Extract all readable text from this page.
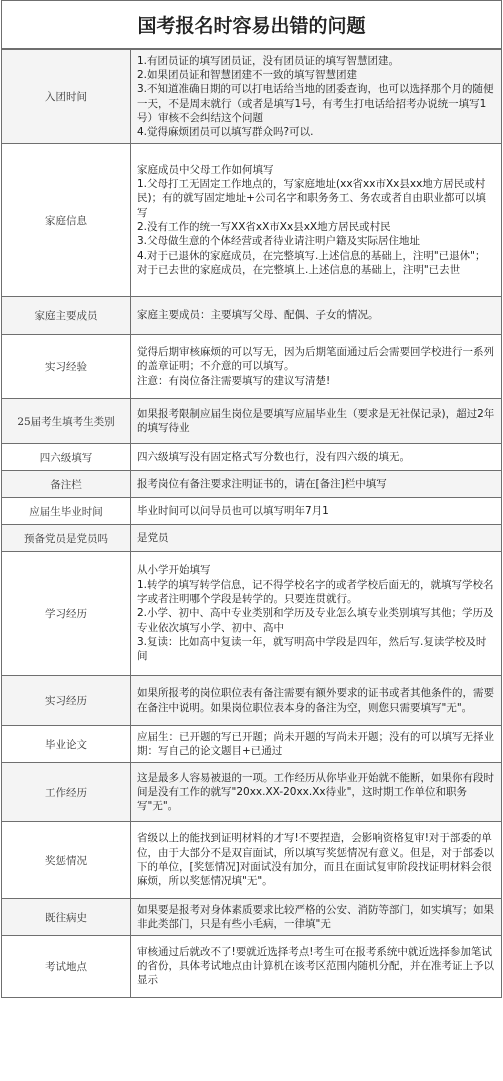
国考报名时容易出错的问题
入团时间	1.有团员证的填写团员证，没有团员证的填写智慧团建。
2.如果团员证和智慧团建不一致的填写智慧团建
3.不知道准确日期的可以打电话给当地的团委查询，也可以选择那个月的随便一天，不是周末就行（或者是填写1号，有考生打电话给招考办说统一填写1号）审核不会纠结这个问题
4.觉得麻烦团员可以填写群众吗?可以.

家庭信息	家庭成员中父母工作如何填写
1.父母打工无固定工作地点的，写家庭地址(xx省xx市Xx县xx地方居民或村民)；有的就写固定地址+公司名字和职务务工、务农或者自由职业都可以填写
2.没有工作的统一写XX省xX市Xx县xX地方居民或村民
3.父母做生意的个体经营或者待业请注明户籍及实际居住地址
4.对于已退休的家庭成员，在完整填写.上述信息的基础上，注明"已退休"；对于已去世的家庭成员，在完整填上.上述信息的基础上，注明"已去世

家庭主要成员	家庭主要成员：主要填写父母、配偶、子女的情况。

实习经验	觉得后期审核麻烦的可以写无，因为后期笔面通过后会需要回学校进行一系列的盖章证明；不介意的可以填写。
注意：有岗位备注需要填写的建议写清楚!

25届考生填考生类别	如果报考限制应届生岗位是要填写应届毕业生（要求是无社保记录)，超过2年的填写待业

四六级填写	四六级填写没有固定格式写分数也行，没有四六级的填无。

备注栏	报考岗位有备注要求注明证书的，请在[备注]栏中填写

应届生毕业时间	毕业时间可以问导员也可以填写明年7月1

预备党员是党员吗	是党员

学习经历	从小学开始填写
1.转学的填写转学信息，记不得学校名字的或者学校后面无的，就填写学校名字或者注明哪个学段是转学的。只要连贯就行。
2.小学、初中、高中专业类别和学历及专业怎么填专业类别填写其他；学历及专业依次填写小学、初中、高中
3.复读：比如高中复读一年，就写明高中学段是四年，然后写.复读学校及时间

实习经历	如果所报考的岗位职位表有备注需要有额外要求的证书或者其他条件的，需要在备注中说明。如果岗位职位表本身的备注为空，则您只需要填写"无"。

毕业论文	应届生：已开题的写已开题；尚未开题的写尚未开题；没有的可以填写无择业期：写自己的论文题目+已通过

工作经历	这是最多人容易被退的一项。工作经历从你毕业开始就不能断，如果你有段时间是没有工作的就写"20xx.XX-20xx.Xx待业"，这时期工作单位和职务写"无"。

奖惩情况	省级以上的能找到证明材料的才写!不要捏造，会影响资格复审!对于部委的单位，由于大部分不是双盲面试，所以填写奖惩情况有意义。但是，对于部委以下的单位，[奖惩情况]对面试没有加分，而且在面试复审阶段找证明材料会很麻烦，所以奖惩情况填"无"。

既往病史	如果要是报考对身体素质要求比较严格的公安、消防等部门，如实填写；如果非此类部门，只是有些小毛病，一律填"无

考试地点	审核通过后就改不了!要就近选择考点!考生可在报考系统中就近选择参加笔试的省份，具体考试地点由计算机在该考区范围内随机分配，并在准考证上予以显示
